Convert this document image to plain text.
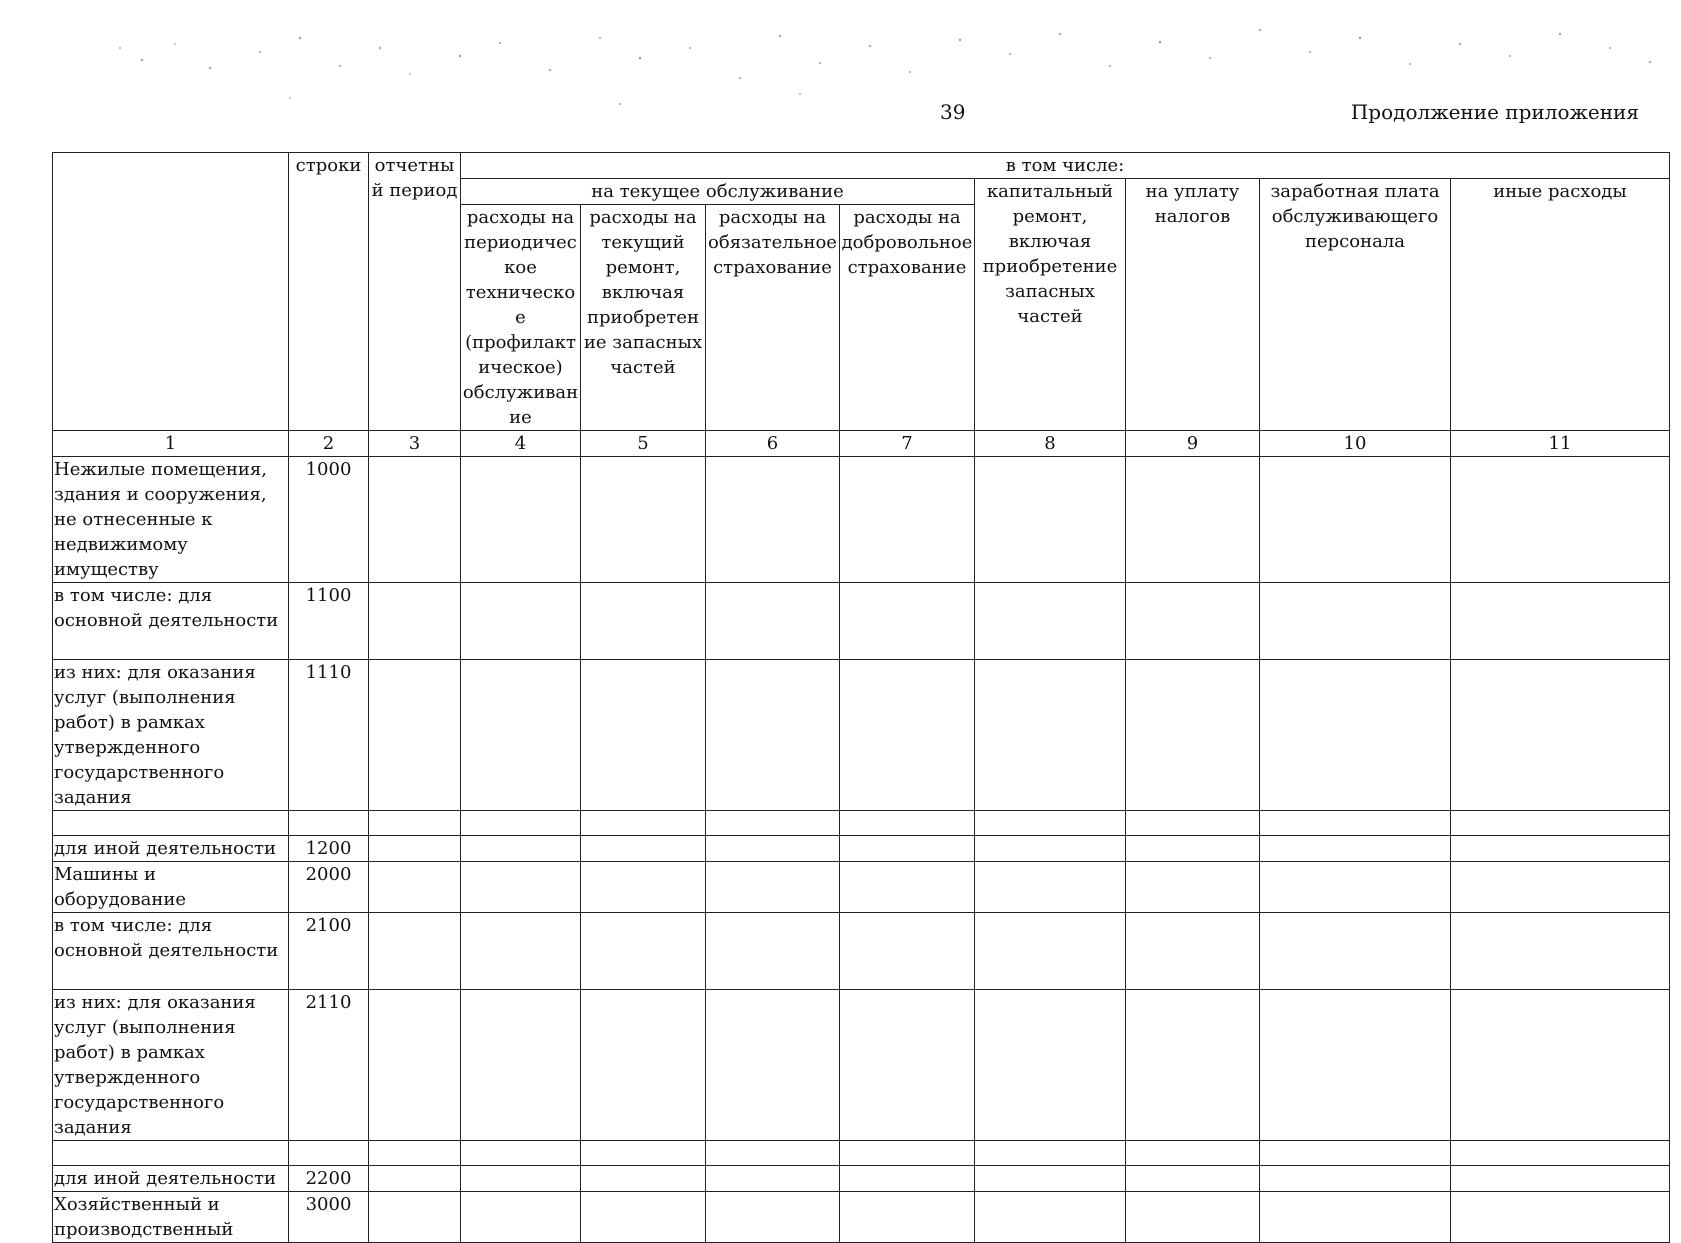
39	Продолжение приложения
	строки	отчетный период	в том числе:							
			на текущее обслуживание				капитальный ремонт, включая приобретение запасных частей	на уплату налогов	заработная плата обслуживающего персонала	иные расходы
			расходы на периодическое техническое (профилактическое) обслуживание	расходы на текущий ремонт, включая приобретение запасных частей	расходы на обязательное страхование	расходы на добровольное страхование				
1	2	3	4	5	6	7	8	9	10	11
Нежилые помещения, здания и сооружения, не отнесенные к недвижимому имуществу	1000									
в том числе: для основной деятельности	1100									
из них: для оказания услуг (выполнения работ) в рамках утвержденного государственного задания	1110									

для иной деятельности	1200									
Машины и оборудование	2000									
в том числе: для основной деятельности	2100									
из них: для оказания услуг (выполнения работ) в рамках утвержденного государственного задания	2110									

для иной деятельности	2200									
Хозяйственный и производственный	3000									
